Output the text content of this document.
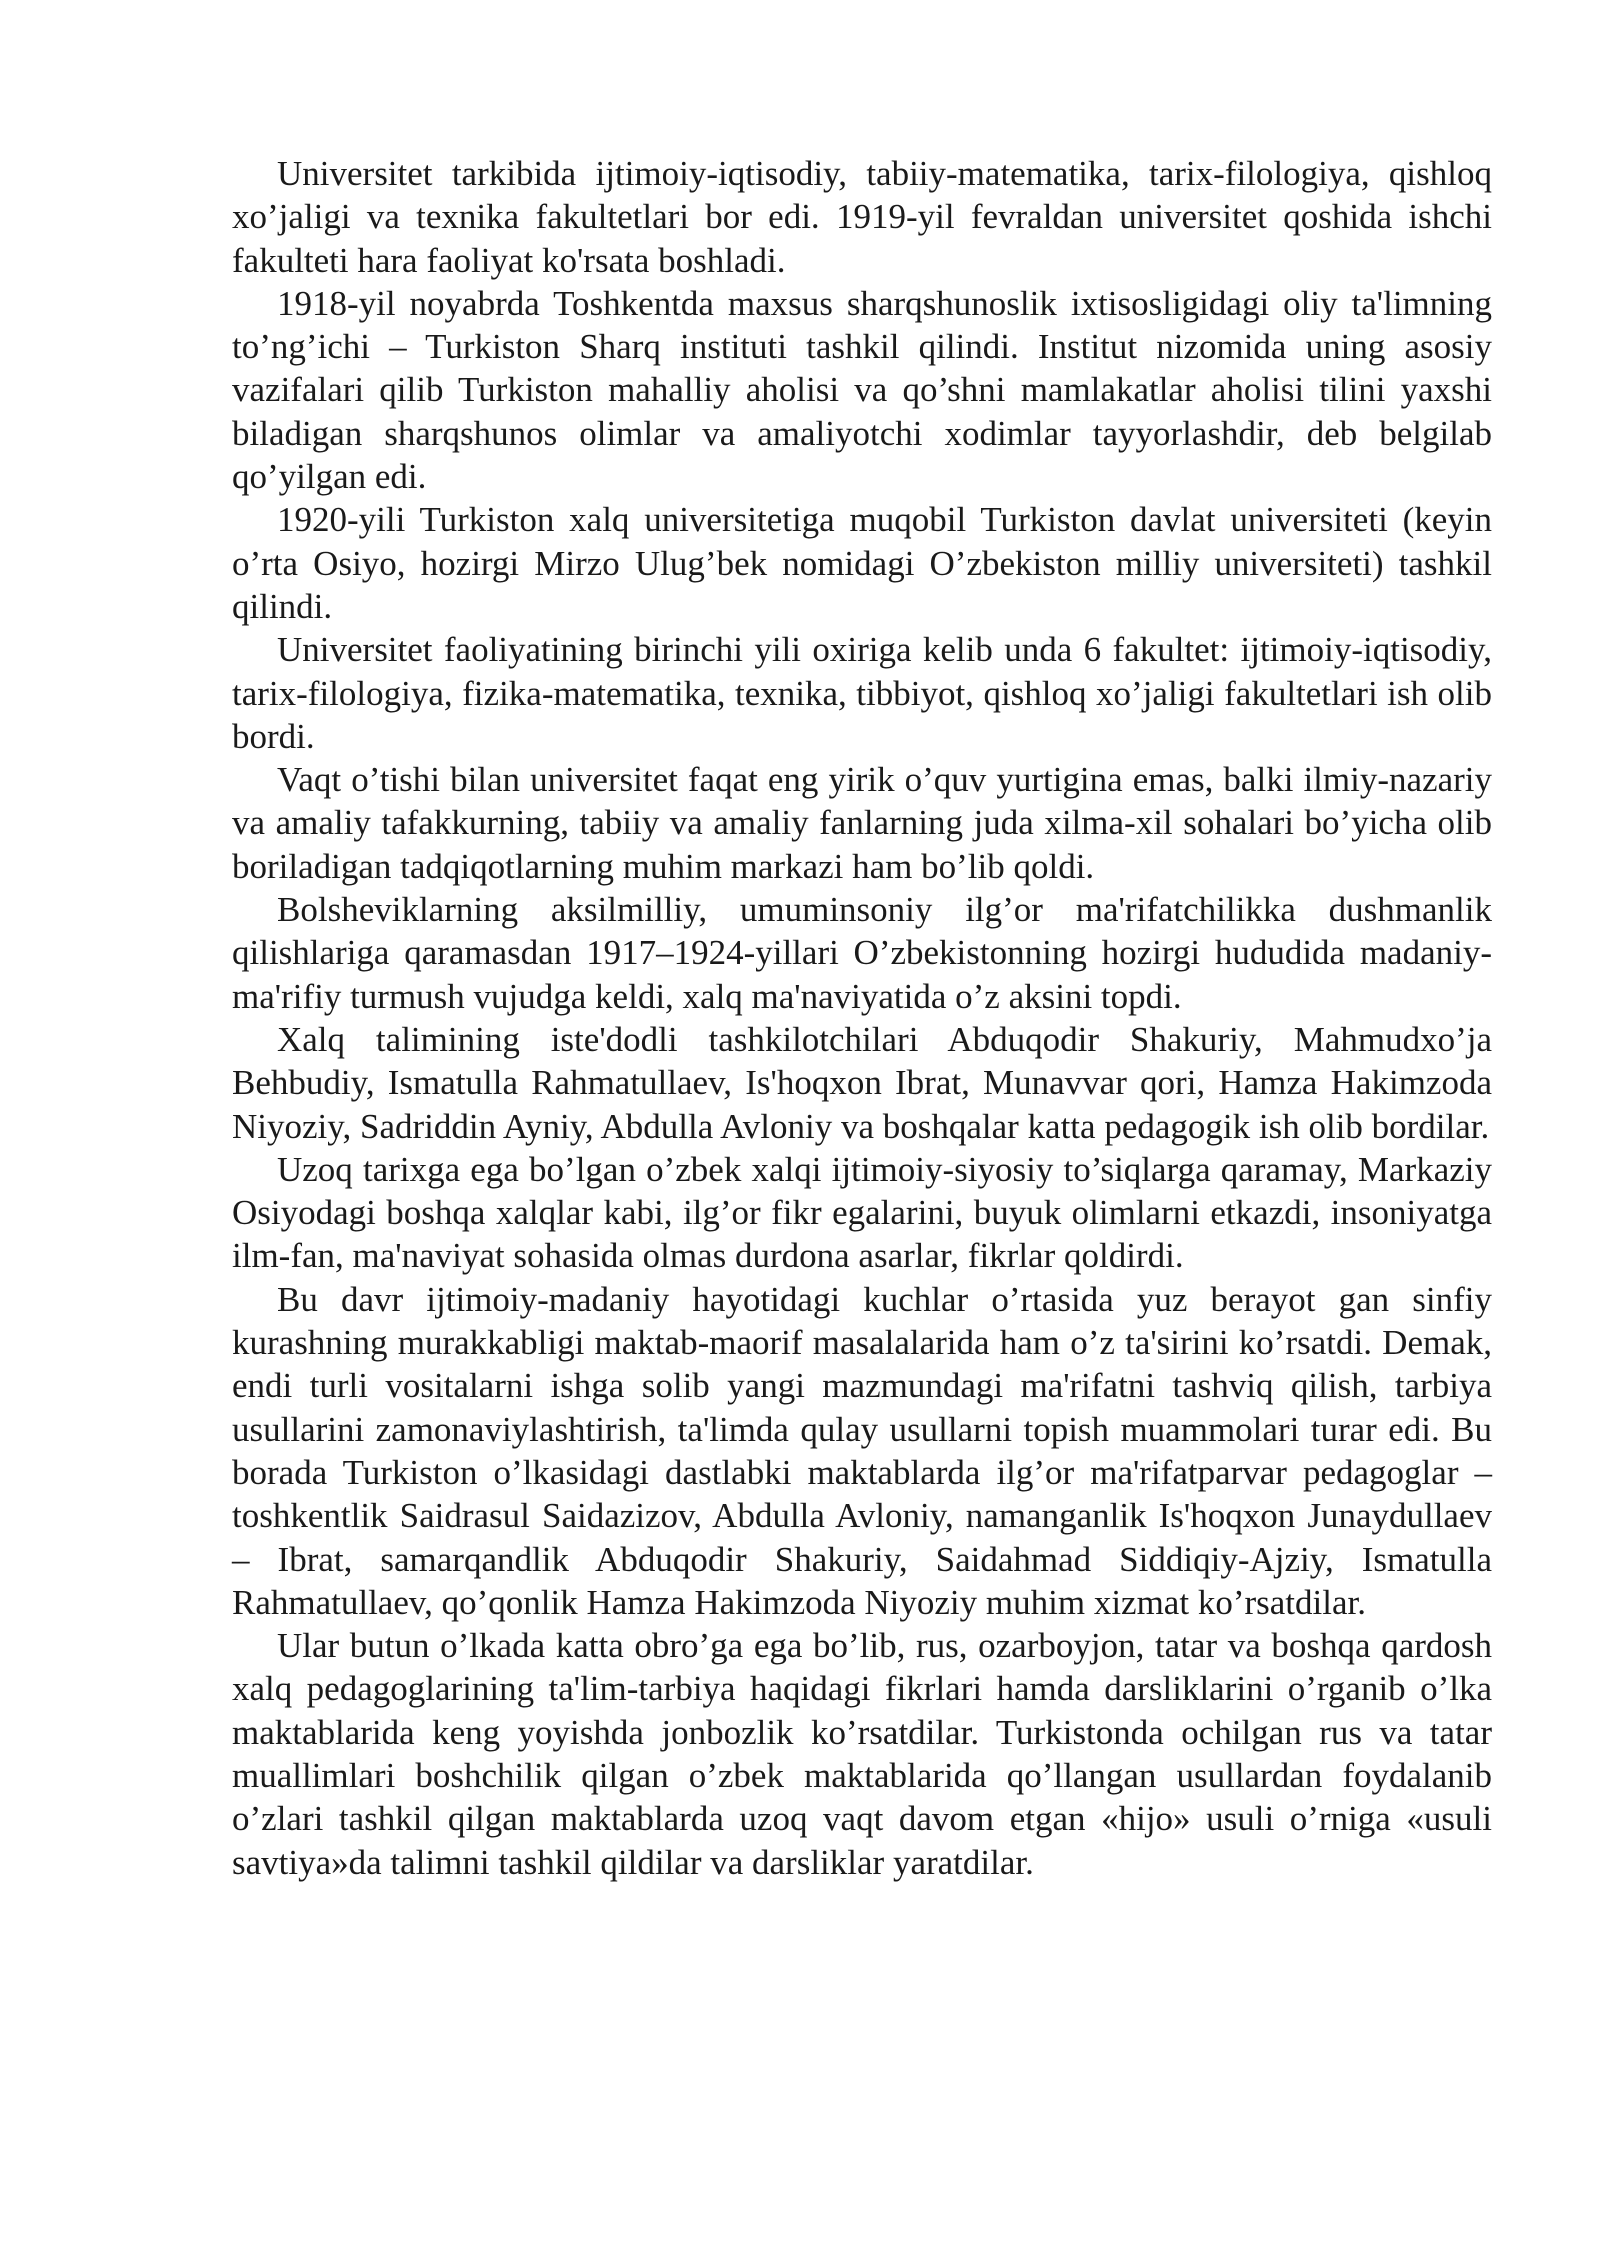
Universitet tarkibida ijtimoiy-iqtisodiy, tabiiy-matematika, tarix-filologiya, qishloq xo’jaligi va texnika fakultetlari bor edi. 1919-yil fevraldan universitet qoshida ishchi fakulteti hara faoliyat ko'rsata boshladi.

1918-yil noyabrda Toshkentda maxsus sharqshunoslik ixtisosligidagi oliy ta'limning to’ng’ichi – Turkiston Sharq instituti tashkil qilindi. Institut nizomida uning asosiy vazifalari qilib Turkiston mahalliy aholisi va qo’shni mamlakatlar aholisi tilini yaxshi biladigan sharqshunos olimlar va amaliyotchi xodimlar tayyorlashdir, deb belgilab qo’yilgan edi.

1920-yili Turkiston xalq universitetiga muqobil Turkiston davlat universiteti (keyin o’rta Osiyo, hozirgi Mirzo Ulug’bek nomidagi O’zbekiston milliy universiteti) tashkil qilindi.

Universitet faoliyatining birinchi yili oxiriga kelib unda 6 fakultet: ijtimoiy-iqtisodiy, tarix-filologiya, fizika-matematika, texnika, tibbiyot, qishloq xo’jaligi fakultetlari ish olib bordi.

Vaqt o’tishi bilan universitet faqat eng yirik o’quv yurtigina emas, balki ilmiy-nazariy va amaliy tafakkurning, tabiiy va amaliy fanlarning juda xilma-xil sohalari bo’yicha olib boriladigan tadqiqotlarning muhim markazi ham bo’lib qoldi.

Bolsheviklarning aksilmilliy, umuminsoniy ilg’or ma'rifatchilikka dushmanlik qilishlariga qaramasdan 1917–1924-yillari O’zbekistonning hozirgi hududida madaniy-ma'rifiy turmush vujudga keldi, xalq ma'naviyatida o’z aksini topdi.

Xalq talimining iste'dodli tashkilotchilari Abduqodir Shakuriy, Mahmudxo’ja Behbudiy, Ismatulla Rahmatullaev, Is'hoqxon Ibrat, Munavvar qori, Hamza Hakimzoda Niyoziy, Sadriddin Ayniy, Abdulla Avloniy va boshqalar katta pedagogik ish olib bordilar.

Uzoq tarixga ega bo’lgan o’zbek xalqi ijtimoiy-siyosiy to’siqlarga qaramay, Markaziy Osiyodagi boshqa xalqlar kabi, ilg’or fikr egalarini, buyuk olimlarni etkazdi, insoniyatga ilm-fan, ma'naviyat sohasida olmas durdona asarlar, fikrlar qoldirdi.

Bu davr ijtimoiy-madaniy hayotidagi kuchlar o’rtasida yuz berayot gan sinfiy kurashning murakkabligi maktab-maorif masalalarida ham o’z ta'sirini ko’rsatdi. Demak, endi turli vositalarni ishga solib yangi mazmundagi ma'rifatni tashviq qilish, tarbiya usullarini zamonaviylashtirish, ta'limda qulay usullarni topish muammolari turar edi. Bu borada Turkiston o’lkasidagi dastlabki maktablarda ilg’or ma'rifatparvar pedagoglar – toshkentlik Saidrasul Saidazizov, Abdulla Avloniy, namanganlik Is'hoqxon Junaydullaev – Ibrat, samarqandlik Abduqodir Shakuriy, Saidahmad Siddiqiy-Ajziy, Ismatulla Rahmatullaev, qo’qonlik Hamza Hakimzoda Niyoziy muhim xizmat ko’rsatdilar.

Ular butun o’lkada katta obro’ga ega bo’lib, rus, ozarboyjon, tatar va boshqa qardosh xalq pedagoglarining ta'lim-tarbiya haqidagi fikrlari hamda darsliklarini o’rganib o’lka maktablarida keng yoyishda jonbozlik ko’rsatdilar. Turkistonda ochilgan rus va tatar muallimlari boshchilik qilgan o’zbek maktablarida qo’llangan usullardan foydalanib o’zlari tashkil qilgan maktablarda uzoq vaqt davom etgan «hijo» usuli o’rniga «usuli savtiya»da talimni tashkil qildilar va darsliklar yaratdilar.
